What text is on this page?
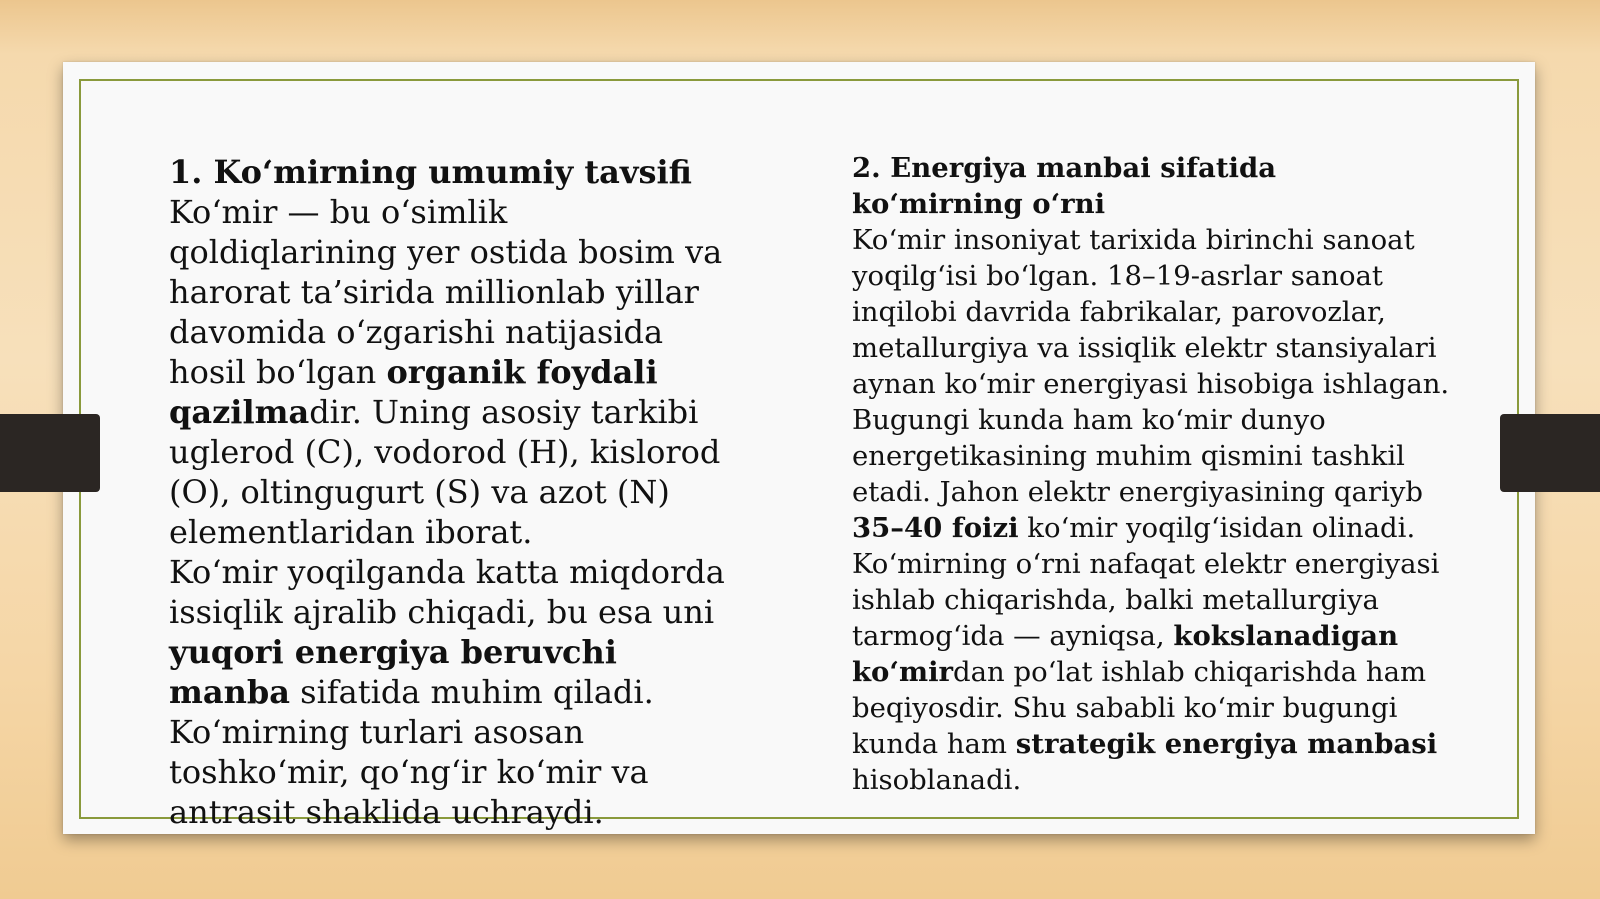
1. Ko‘mirning umumiy tavsifi

Ko‘mir — bu o‘simlik qoldiqlarining yer ostida bosim va harorat ta’sirida millionlab yillar davomida o‘zgarishi natijasida hosil bo‘lgan organik foydali qazilmadir. Uning asosiy tarkibi uglerod (C), vodorod (H), kislorod (O), oltingugurt (S) va azot (N) elementlaridan iborat.

Ko‘mir yoqilganda katta miqdorda issiqlik ajralib chiqadi, bu esa uni yuqori energiya beruvchi manba sifatida muhim qiladi.

Ko‘mirning turlari asosan toshko‘mir, qo‘ng‘ir ko‘mir va antrasit shaklida uchraydi.

2. Energiya manbai sifatida ko‘mirning o‘rni

Ko‘mir insoniyat tarixida birinchi sanoat yoqilg‘isi bo‘lgan. 18–19-asrlar sanoat inqilobi davrida fabrikalar, parovozlar, metallurgiya va issiqlik elektr stansiyalari aynan ko‘mir energiyasi hisobiga ishlagan.

Bugungi kunda ham ko‘mir dunyo energetikasining muhim qismini tashkil etadi. Jahon elektr energiyasining qariyb 35–40 foizi ko‘mir yoqilg‘isidan olinadi.

Ko‘mirning o‘rni nafaqat elektr energiyasi ishlab chiqarishda, balki metallurgiya tarmog‘ida — ayniqsa, kokslanadigan ko‘mirdan po‘lat ishlab chiqarishda ham beqiyosdir. Shu sababli ko‘mir bugungi kunda ham strategik energiya manbasi hisoblanadi.
